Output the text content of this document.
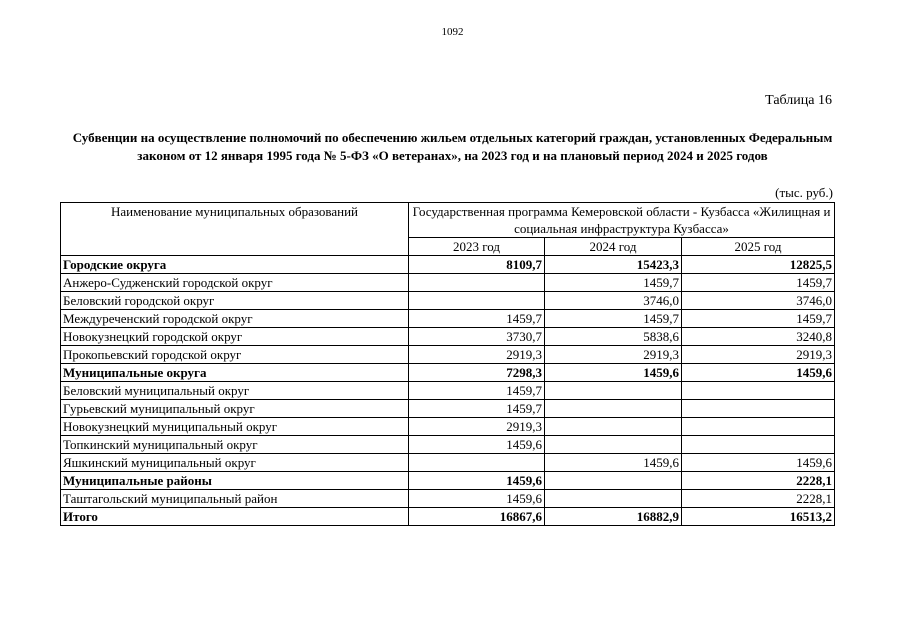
1092
Таблица 16
Субвенции на осуществление полномочий по обеспечению жильем отдельных категорий граждан, установленных Федеральным законом от 12 января 1995 года № 5-ФЗ «О ветеранах», на 2023 год и на плановый период 2024 и 2025 годов
(тыс. руб.)
Наименование муниципальных образований	Государственная программа Кемеровской области - Кузбасса «Жилищная и социальная инфраструктура Кузбасса»		
	2023 год	2024 год	2025 год
Городские округа	8109,7	15423,3	12825,5
Анжеро-Судженский городской округ		1459,7	1459,7
Беловский городской округ		3746,0	3746,0
Междуреченский городской округ	1459,7	1459,7	1459,7
Новокузнецкий городской округ	3730,7	5838,6	3240,8
Прокопьевский городской округ	2919,3	2919,3	2919,3
Муниципальные округа	7298,3	1459,6	1459,6
Беловский муниципальный округ	1459,7		
Гурьевский муниципальный округ	1459,7		
Новокузнецкий муниципальный округ	2919,3		
Топкинский муниципальный округ	1459,6		
Яшкинский муниципальный округ		1459,6	1459,6
Муниципальные районы	1459,6		2228,1
Таштагольский муниципальный район	1459,6		2228,1
Итого	16867,6	16882,9	16513,2
